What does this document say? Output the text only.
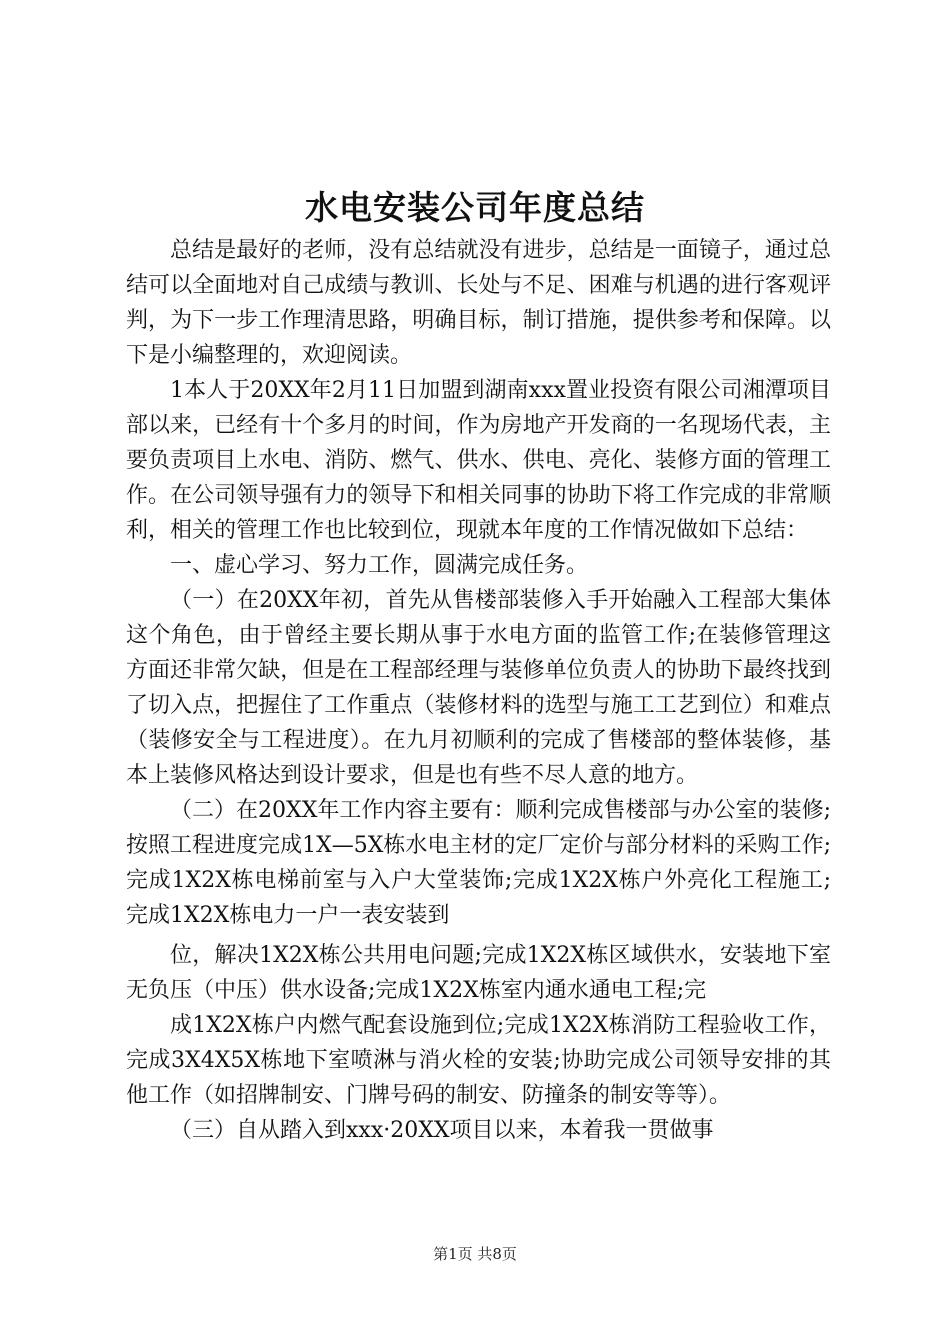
水电安装公司年度总结

总结是最好的老师，没有总结就没有进步，总结是一面镜子，通过总结可以全面地对自己成绩与教训、长处与不足、困难与机遇的进行客观评判，为下一步工作理清思路，明确目标，制订措施，提供参考和保障。以下是小编整理的，欢迎阅读。

1本人于20XX年2月11日加盟到湖南xxx置业投资有限公司湘潭项目部以来，已经有十个多月的时间，作为房地产开发商的一名现场代表，主要负责项目上水电、消防、燃气、供水、供电、亮化、装修方面的管理工作。在公司领导强有力的领导下和相关同事的协助下将工作完成的非常顺利，相关的管理工作也比较到位，现就本年度的工作情况做如下总结：

一、虚心学习、努力工作，圆满完成任务。

（一）在20XX年初，首先从售楼部装修入手开始融入工程部大集体这个角色，由于曾经主要长期从事于水电方面的监管工作;在装修管理这方面还非常欠缺，但是在工程部经理与装修单位负责人的协助下最终找到了切入点，把握住了工作重点（装修材料的选型与施工工艺到位）和难点（装修安全与工程进度）。在九月初顺利的完成了售楼部的整体装修，基本上装修风格达到设计要求，但是也有些不尽人意的地方。

（二）在20XX年工作内容主要有：顺利完成售楼部与办公室的装修;按照工程进度完成1X—5X栋水电主材的定厂定价与部分材料的采购工作;完成1X2X栋电梯前室与入户大堂装饰;完成1X2X栋户外亮化工程施工;完成1X2X栋电力一户一表安装到

位，解决1X2X栋公共用电问题;完成1X2X栋区域供水，安装地下室无负压（中压）供水设备;完成1X2X栋室内通水通电工程;完

成1X2X栋户内燃气配套设施到位;完成1X2X栋消防工程验收工作，完成3X4X5X栋地下室喷淋与消火栓的安装;协助完成公司领导安排的其他工作（如招牌制安、门牌号码的制安、防撞条的制安等等）。

（三）自从踏入到xxx·20XX项目以来，本着我一贯做事

第1页 共8页
